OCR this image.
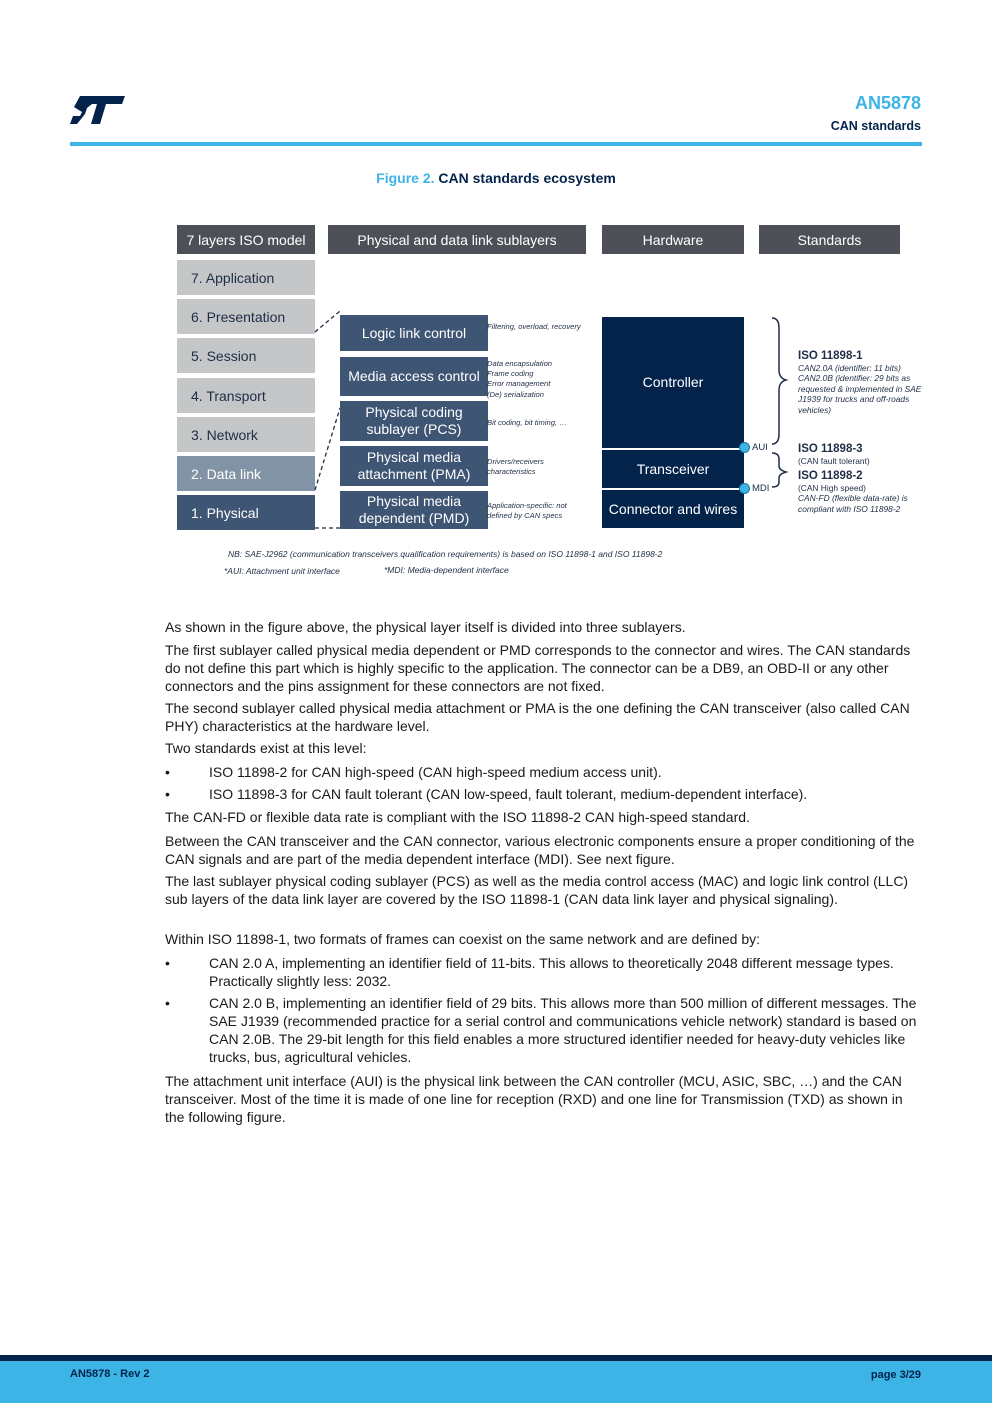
AN5878
CAN standards
Figure 2. CAN standards ecosystem
7 layers ISO model	Physical and data link sublayers	Hardware	Standards
7. Application
6. Presentation
5. Session
4. Transport
3. Network
2. Data link
1. Physical
Logic link control
Media access control
Physical coding sublayer (PCS)
Physical media attachment (PMA)
Physical media dependent (PMD)
Filtering, overload, recovery
Data encapsulation
Frame coding
Error management
(De) serialization
Bit coding, bit timing, …
Drivers/receivers characteristics
Application-specific: not defined by CAN specs
Controller
Transceiver
Connector and wires
AUI
MDI
ISO 11898-1
CAN2.0A (identifier: 11 bits)
CAN2.0B (identifier: 29 bits as requested & implemented in SAE J1939 for trucks and off-roads vehicles)
ISO 11898-3
(CAN fault tolerant)
ISO 11898-2
(CAN High speed)
CAN-FD (flexible data-rate) is compliant with ISO 11898-2
NB: SAE-J2962 (communication transceivers qualification requirements) is based on ISO 11898-1 and ISO 11898-2
*AUI: Attachment unit interface	*MDI: Media-dependent interface
As shown in the figure above, the physical layer itself is divided into three sublayers.
The first sublayer called physical media dependent or PMD corresponds to the connector and wires. The CAN standards do not define this part which is highly specific to the application. The connector can be a DB9, an OBD-II or any other connectors and the pins assignment for these connectors are not fixed.
The second sublayer called physical media attachment or PMA is the one defining the CAN transceiver (also called CAN PHY) characteristics at the hardware level.
Two standards exist at this level:
•	ISO 11898-2 for CAN high-speed (CAN high-speed medium access unit).
•	ISO 11898-3 for CAN fault tolerant (CAN low-speed, fault tolerant, medium-dependent interface).
The CAN-FD or flexible data rate is compliant with the ISO 11898-2 CAN high-speed standard.
Between the CAN transceiver and the CAN connector, various electronic components ensure a proper conditioning of the CAN signals and are part of the media dependent interface (MDI). See next figure.
The last sublayer physical coding sublayer (PCS) as well as the media control access (MAC) and logic link control (LLC) sub layers of the data link layer are covered by the ISO 11898-1 (CAN data link layer and physical signaling).
Within ISO 11898-1, two formats of frames can coexist on the same network and are defined by:
•	CAN 2.0 A, implementing an identifier field of 11-bits. This allows to theoretically 2048 different message types. Practically slightly less: 2032.
•	CAN 2.0 B, implementing an identifier field of 29 bits. This allows more than 500 million of different messages. The SAE J1939 (recommended practice for a serial control and communications vehicle network) standard is based on CAN 2.0B. The 29-bit length for this field enables a more structured identifier needed for heavy-duty vehicles like trucks, bus, agricultural vehicles.
The attachment unit interface (AUI) is the physical link between the CAN controller (MCU, ASIC, SBC, …) and the CAN transceiver. Most of the time it is made of one line for reception (RXD) and one line for Transmission (TXD) as shown in the following figure.
AN5878 - Rev 2	page 3/29
